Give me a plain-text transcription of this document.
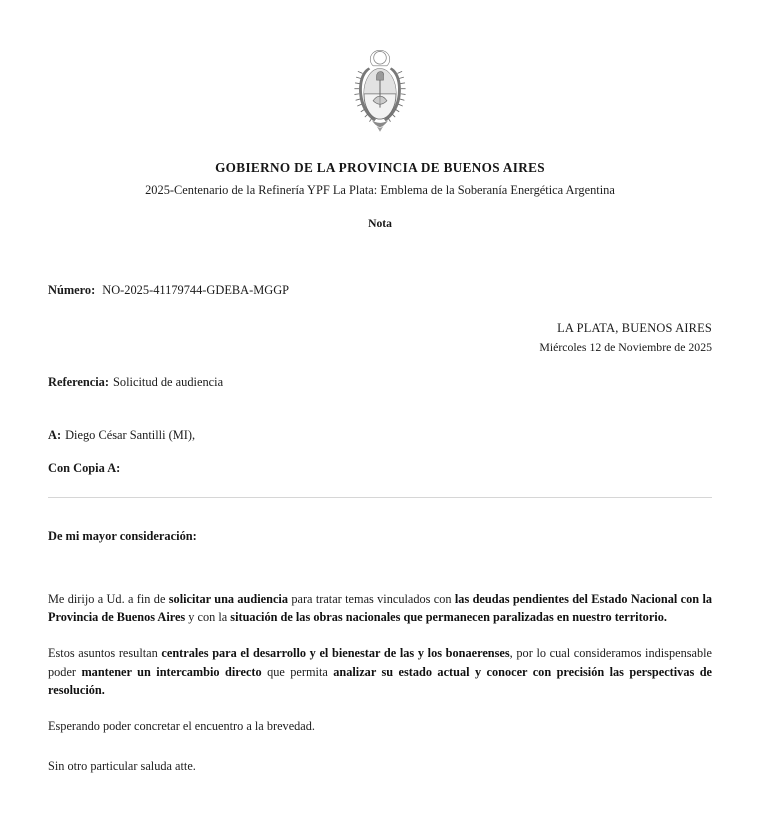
GOBIERNO DE LA PROVINCIA DE BUENOS AIRES
2025-Centenario de la Refinería YPF La Plata: Emblema de la Soberanía Energética Argentina
Nota
Número: NO-2025-41179744-GDEBA-MGGP
LA PLATA, BUENOS AIRES
Miércoles 12 de Noviembre de 2025
Referencia: Solicitud de audiencia
A: Diego César Santilli (MI),
Con Copia A:
De mi mayor consideración:

Me dirijo a Ud. a fin de solicitar una audiencia para tratar temas vinculados con las deudas pendientes del Estado Nacional con la Provincia de Buenos Aires y con la situación de las obras nacionales que permanecen paralizadas en nuestro territorio.

Estos asuntos resultan centrales para el desarrollo y el bienestar de las y los bonaerenses, por lo cual consideramos indispensable poder mantener un intercambio directo que permita analizar su estado actual y conocer con precisión las perspectivas de resolución.

Esperando poder concretar el encuentro a la brevedad.

Sin otro particular saluda atte.
